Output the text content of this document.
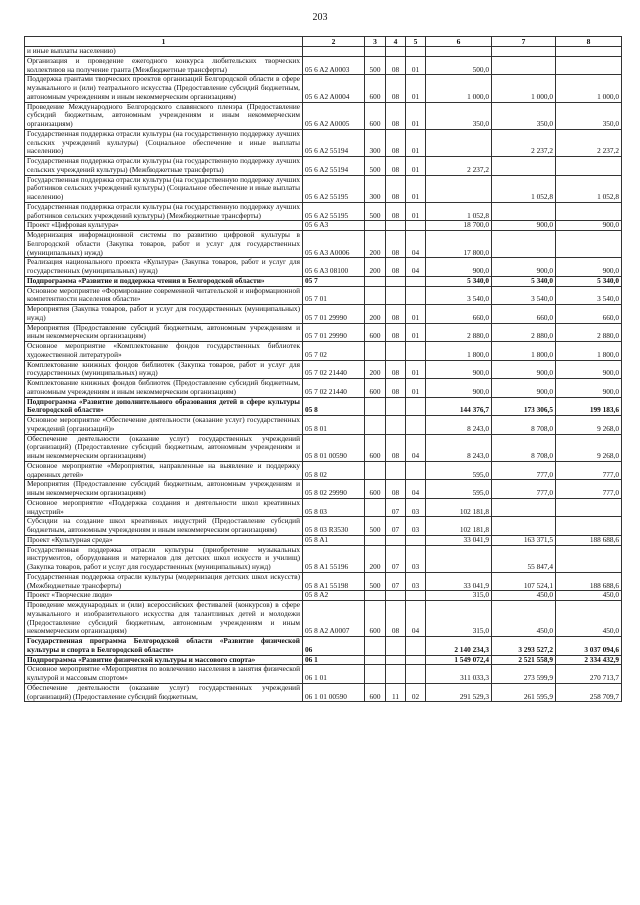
203
1	2	3	4	5	6	7	8
и иные выплаты населению)							
Организация и проведение ежегодного конкурса любительских творческих коллективов на получение гранта (Межбюджетные трансферты)	05 6 A2 A0003	500	08	01	500,0		
Поддержка грантами творческих проектов организаций Белгородской области в сфере музыкального и (или) театрального искусства (Предоставление субсидий бюджетным, автономным учреждениям и иным некоммерческим организациям)	05 6 A2 A0004	600	08	01	1 000,0	1 000,0	1 000,0
Проведение Международного Белгородского славянского пленэра (Предоставление субсидий бюджетным, автономным учреждениям и иным некоммерческим организациям)	05 6 A2 A0005	600	08	01	350,0	350,0	350,0
Государственная поддержка отрасли культуры (на государственную поддержку лучших сельских учреждений культуры) (Социальное обеспечение и иные выплаты населению)	05 6 A2 55194	300	08	01		2 237,2	2 237,2
Государственная поддержка отрасли культуры (на государственную поддержку лучших сельских учреждений культуры) (Межбюджетные трансферты)	05 6 A2 55194	500	08	01	2 237,2		
Государственная поддержка отрасли культуры (на государственную поддержку лучших работников сельских учреждений культуры) (Социальное обеспечение и иные выплаты населению)	05 6 A2 55195	300	08	01		1 052,8	1 052,8
Государственная поддержка отрасли культуры (на государственную поддержку лучших работников сельских учреждений культуры) (Межбюджетные трансферты)	05 6 A2 55195	500	08	01	1 052,8		
Проект «Цифровая культура»	05 6 A3				18 700,0	900,0	900,0
Модернизация информационной системы по развитию цифровой культуры в Белгородской области (Закупка товаров, работ и услуг для государственных (муниципальных) нужд)	05 6 A3 A0006	200	08	04	17 800,0		
Реализация национального проекта «Культура» (Закупка товаров, работ и услуг для государственных (муниципальных) нужд)	05 6 A3 08100	200	08	04	900,0	900,0	900,0
Подпрограмма «Развитие и поддержка чтения в Белгородской области»	05 7				5 340,0	5 340,0	5 340,0
Основное мероприятие «Формирование современной читательской и информационной компетентности населения области»	05 7 01				3 540,0	3 540,0	3 540,0
Мероприятия (Закупка товаров, работ и услуг для государственных (муниципальных) нужд)	05 7 01 29990	200	08	01	660,0	660,0	660,0
Мероприятия (Предоставление субсидий бюджетным, автономным учреждениям и иным некоммерческим организациям)	05 7 01 29990	600	08	01	2 880,0	2 880,0	2 880,0
Основное мероприятие «Комплектование фондов государственных библиотек художественной литературой»	05 7 02				1 800,0	1 800,0	1 800,0
Комплектование книжных фондов библиотек (Закупка товаров, работ и услуг для государственных (муниципальных) нужд)	05 7 02 21440	200	08	01	900,0	900,0	900,0
Комплектование книжных фондов библиотек (Предоставление субсидий бюджетным, автономным учреждениям и иным некоммерческим организациям)	05 7 02 21440	600	08	01	900,0	900,0	900,0
Подпрограмма «Развитие дополнительного образования детей в сфере культуры Белгородской области»	05 8				144 376,7	173 306,5	199 183,6
Основное мероприятие «Обеспечение деятельности (оказание услуг) государственных учреждений (организаций)»	05 8 01				8 243,0	8 708,0	9 268,0
Обеспечение деятельности (оказание услуг) государственных учреждений (организаций) (Предоставление субсидий бюджетным, автономным учреждениям и иным некоммерческим организациям)	05 8 01 00590	600	08	04	8 243,0	8 708,0	9 268,0
Основное мероприятие «Мероприятия, направленные на выявление и поддержку одаренных детей»	05 8 02				595,0	777,0	777,0
Мероприятия (Предоставление субсидий бюджетным, автономным учреждениям и иным некоммерческим организациям)	05 8 02 29990	600	08	04	595,0	777,0	777,0
Основное мероприятие «Поддержка создания и деятельности школ креативных индустрий»	05 8 03		07	03	102 181,8		
Субсидии на создание школ креативных индустрий (Предоставление субсидий бюджетным, автономным учреждениям и иным некоммерческим организациям)	05 8 03 R3530	500	07	03	102 181,8		
Проект «Культурная среда»	05 8 A1				33 041,9	163 371,5	188 688,6
Государственная поддержка отрасли культуры (приобретение музыкальных инструментов, оборудования и материалов для детских школ искусств и училищ) (Закупка товаров, работ и услуг для государственных (муниципальных) нужд)	05 8 A1 55196	200	07	03		55 847,4	
Государственная поддержка отрасли культуры (модернизация детских школ искусств) (Межбюджетные трансферты)	05 8 A1 55198	500	07	03	33 041,9	107 524,1	188 688,6
Проект «Творческие люди»	05 8 A2				315,0	450,0	450,0
Проведение международных и (или) всероссийских фестивалей (конкурсов) в сфере музыкального и изобразительного искусства для талантливых детей и молодежи (Предоставление субсидий бюджетным, автономным учреждениям и иным некоммерческим организациям)	05 8 A2 A0007	600	08	04	315,0	450,0	450,0
Государственная программа Белгородской области «Развитие физической культуры и спорта в Белгородской области»	06				2 140 234,3	3 293 527,2	3 037 094,6
Подпрограмма «Развитие физической культуры и массового спорта»	06 1				1 549 072,4	2 521 558,9	2 334 432,9
Основное мероприятие «Мероприятия по вовлечению населения в занятия физической культурой и массовым спортом»	06 1 01				311 033,3	273 599,9	270 713,7
Обеспечение деятельности (оказание услуг) государственных учреждений (организаций) (Предоставление субсидий бюджетным,	06 1 01 00590	600	11	02	291 529,3	261 595,9	258 709,7
